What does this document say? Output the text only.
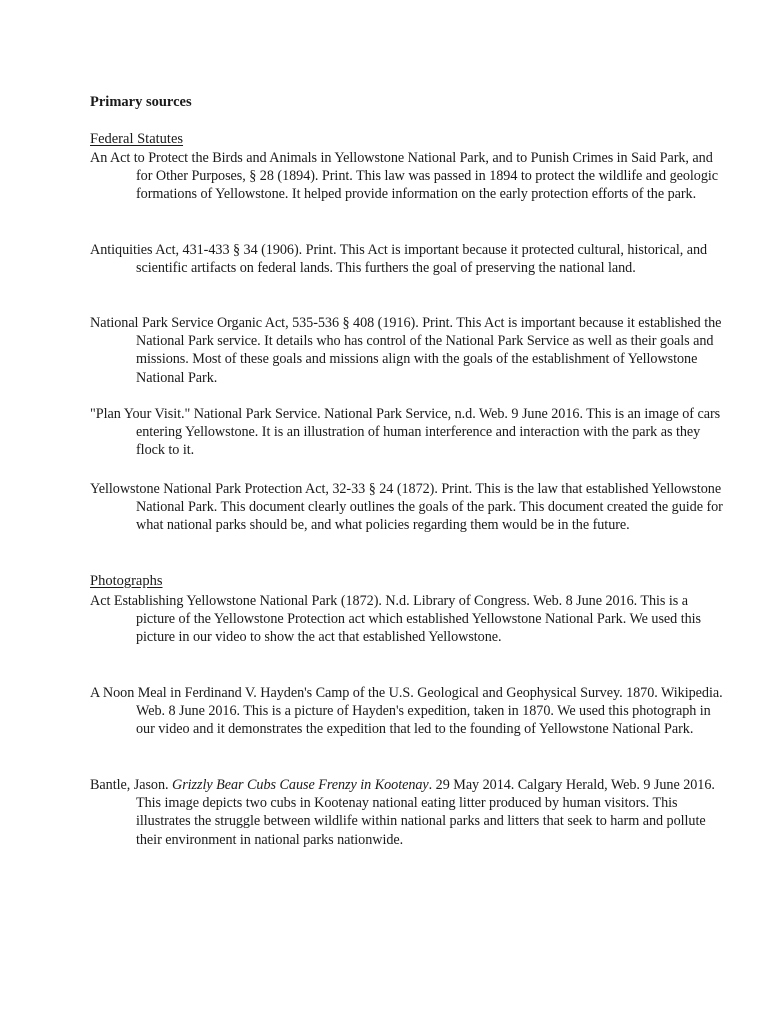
Primary sources

Federal Statutes

An Act to Protect the Birds and Animals in Yellowstone National Park, and to Punish Crimes in Said Park, and for Other Purposes, § 28 (1894). Print. This law was passed in 1894 to protect the wildlife and geologic formations of Yellowstone. It helped provide information on the early protection efforts of the park.

Antiquities Act, 431-433 § 34 (1906). Print. This Act is important because it protected cultural, historical, and scientific artifacts on federal lands. This furthers the goal of preserving the national land.

National Park Service Organic Act, 535-536 § 408 (1916). Print. This Act is important because it established the National Park service. It details who has control of the National Park Service as well as their goals and missions. Most of these goals and missions align with the goals of the establishment of Yellowstone National Park.

"Plan Your Visit." National Park Service. National Park Service, n.d. Web. 9 June 2016. This is an image of cars entering Yellowstone. It is an illustration of human interference and interaction with the park as they flock to it.

Yellowstone National Park Protection Act, 32-33 § 24 (1872). Print. This is the law that established Yellowstone National Park. This document clearly outlines the goals of the park. This document created the guide for what national parks should be, and what policies regarding them would be in the future.

Photographs

Act Establishing Yellowstone National Park (1872). N.d. Library of Congress. Web. 8 June 2016. This is a picture of the Yellowstone Protection act which established Yellowstone National Park. We used this picture in our video to show the act that established Yellowstone.

A Noon Meal in Ferdinand V. Hayden's Camp of the U.S. Geological and Geophysical Survey. 1870. Wikipedia. Web. 8 June 2016. This is a picture of Hayden's expedition, taken in 1870. We used this photograph in our video and it demonstrates the expedition that led to the founding of Yellowstone National Park.

Bantle, Jason. Grizzly Bear Cubs Cause Frenzy in Kootenay. 29 May 2014. Calgary Herald, Web. 9 June 2016. This image depicts two cubs in Kootenay national eating litter produced by human visitors. This illustrates the struggle between wildlife within national parks and litters that seek to harm and pollute their environment in national parks nationwide.
